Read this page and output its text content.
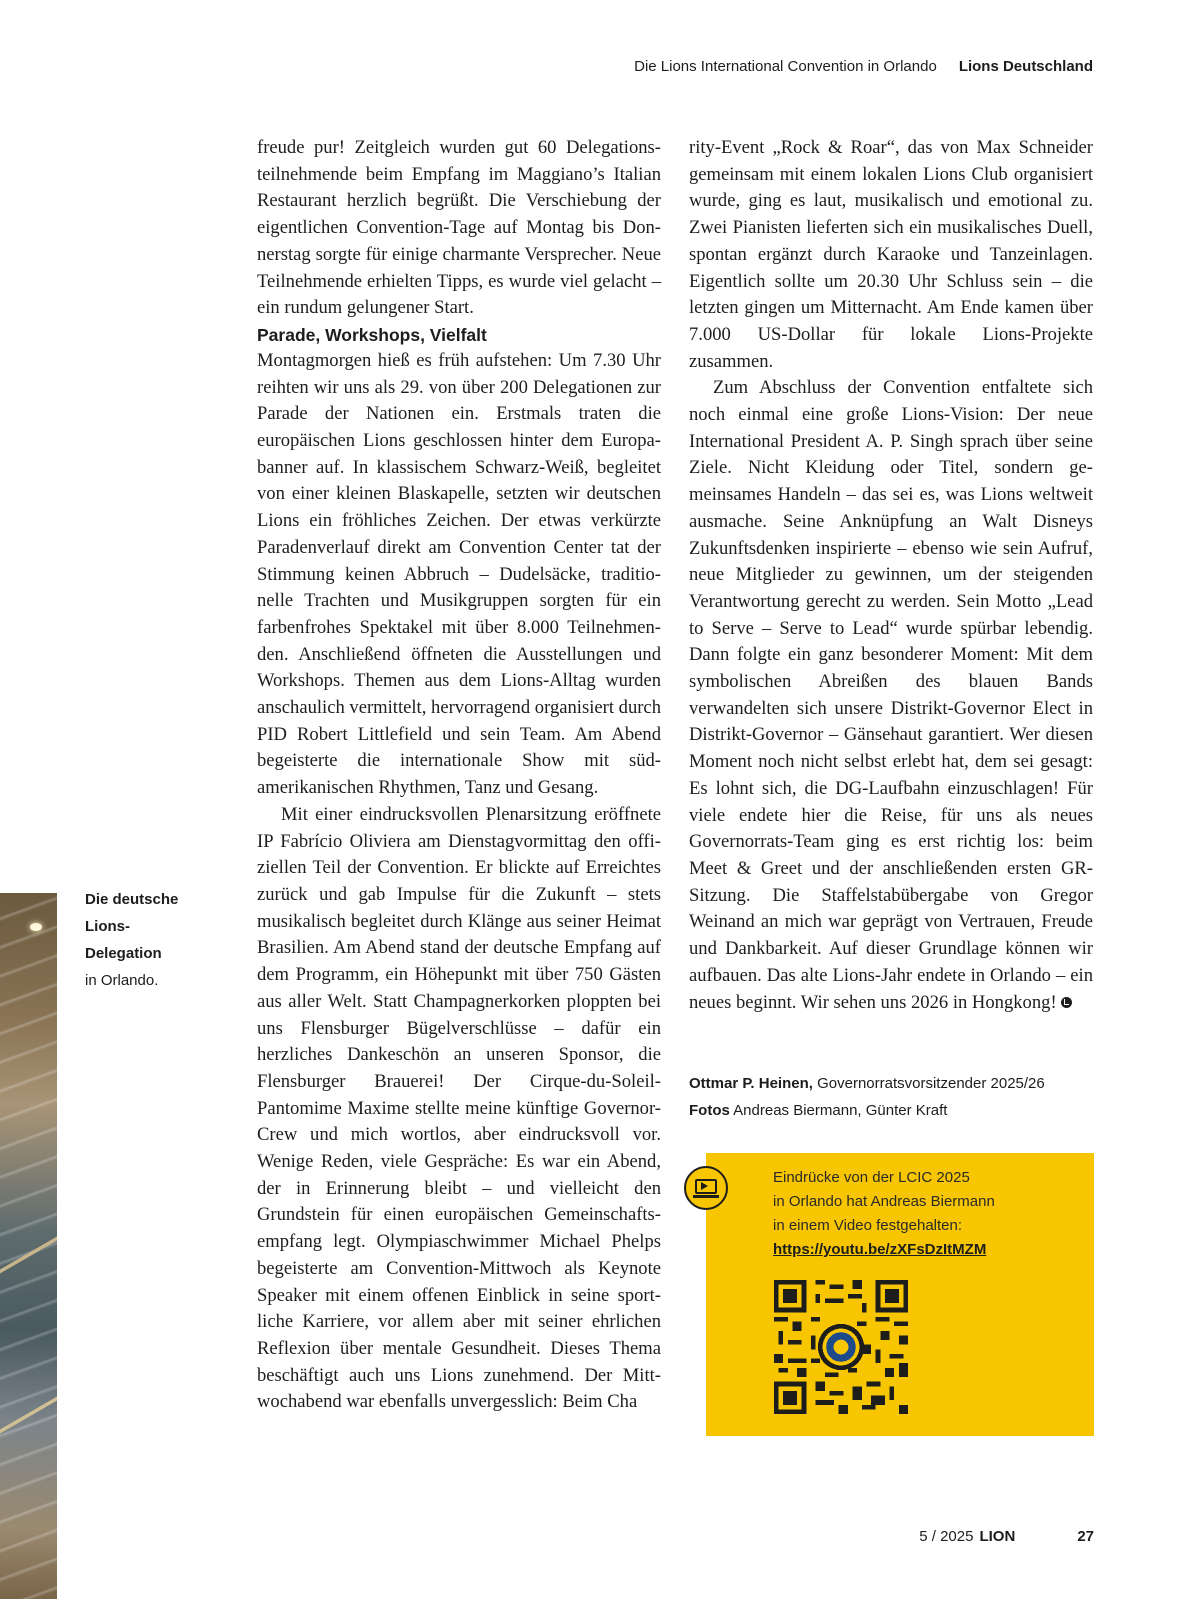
Die Lions International Convention in Orlando Lions Deutschland
Die deutsche
Lions-
Delegation
in Orlando.

freude pur! Zeitgleich wurden gut 60 Delegationsteilnehmende beim Empfang im Maggiano’s Italian Restaurant herzlich begrüßt. Die Verschiebung der eigentlichen Convention-Tage auf Montag bis Donnerstag sorgte für einige charmante Versprecher. Neue Teilnehmende erhielten Tipps, es wurde viel gelacht – ein rundum gelungener Start.

Parade, Workshops, Vielfalt

Montagmorgen hieß es früh aufstehen: Um 7.30 Uhr reihten wir uns als 29. von über 200 Delegationen zur Parade der Nationen ein. Erstmals traten die europäischen Lions geschlossen hinter dem Europabanner auf. In klassischem Schwarz-Weiß, begleitet von einer kleinen Blaskapelle, setzten wir deutschen Lions ein fröhliches Zeichen. Der etwas verkürzte Paradenverlauf direkt am Convention Center tat der Stimmung keinen Abbruch – Dudelsäcke, traditionelle Trachten und Musikgruppen sorgten für ein farbenfrohes Spektakel mit über 8.000 Teilnehmenden. Anschließend öffneten die Ausstellungen und Workshops. Themen aus dem Lions-Alltag wurden anschaulich vermittelt, hervorragend organisiert durch PID Robert Littlefield und sein Team. Am Abend begeisterte die internationale Show mit südamerikanischen Rhythmen, Tanz und Gesang.

Mit einer eindrucksvollen Plenarsitzung eröffnete IP Fabrício Oliviera am Dienstagvormittag den offiziellen Teil der Convention. Er blickte auf Erreichtes zurück und gab Impulse für die Zukunft – stets musikalisch begleitet durch Klänge aus seiner Heimat Brasilien. Am Abend stand der deutsche Empfang auf dem Programm, ein Höhepunkt mit über 750 Gästen aus aller Welt. Statt Champagnerkorken ploppten bei uns Flensburger Bügelverschlüsse – dafür ein herzliches Dankeschön an unseren Sponsor, die Flensburger Brauerei! Der Cirque-du-Soleil-Pantomime Maxime stellte meine künftige Governor-Crew und mich wortlos, aber eindrucksvoll vor. Wenige Reden, viele Gespräche: Es war ein Abend, der in Erinnerung bleibt – und vielleicht den Grundstein für einen europäischen Gemeinschaftsempfang legt. Olympiaschwimmer Michael Phelps begeisterte am Convention-Mittwoch als Keynote Speaker mit einem offenen Einblick in seine sportliche Karriere, vor allem aber mit seiner ehrlichen Reflexion über mentale Gesundheit. Dieses Thema beschäftigt auch uns Lions zunehmend. Der Mittwochabend war ebenfalls unvergesslich: Beim Cha

rity-Event „Rock & Roar“, das von Max Schneider gemeinsam mit einem lokalen Lions Club organisiert wurde, ging es laut, musikalisch und emotional zu. Zwei Pianisten lieferten sich ein musikalisches Duell, spontan ergänzt durch Karaoke und Tanzeinlagen. Eigentlich sollte um 20.30 Uhr Schluss sein – die letzten gingen um Mitternacht. Am Ende kamen über 7.000 US-Dollar für lokale Lions-Projekte zusammen.

Zum Abschluss der Convention entfaltete sich noch einmal eine große Lions-Vision: Der neue International President A. P. Singh sprach über seine Ziele. Nicht Kleidung oder Titel, sondern gemeinsames Handeln – das sei es, was Lions weltweit ausmache. Seine Anknüpfung an Walt Disneys Zukunftsdenken inspirierte – ebenso wie sein Aufruf, neue Mitglieder zu gewinnen, um der steigenden Verantwortung gerecht zu werden. Sein Motto „Lead to Serve – Serve to Lead“ wurde spürbar lebendig. Dann folgte ein ganz besonderer Moment: Mit dem symbolischen Abreißen des blauen Bands verwandelten sich unsere Distrikt-Governor Elect in Distrikt-Governor – Gänsehaut garantiert. Wer diesen Moment noch nicht selbst erlebt hat, dem sei gesagt: Es lohnt sich, die DG-Laufbahn einzuschlagen! Für viele endete hier die Reise, für uns als neues Governorrats-Team ging es erst richtig los: beim Meet & Greet und der anschließenden ersten GR-Sitzung. Die Staffelstabübergabe von Gregor Weinand an mich war geprägt von Vertrauen, Freude und Dankbarkeit. Auf dieser Grundlage können wir aufbauen. Das alte Lions-Jahr endete in Orlando – ein neues beginnt. Wir sehen uns 2026 in Hongkong!

Ottmar P. Heinen, Governorratsvorsitzender 2025/26
Fotos Andreas Biermann, Günter Kraft
Eindrücke von der LCIC 2025
in Orlando hat Andreas Biermann
in einem Video festgehalten:
https://youtu.be/zXFsDzItMZM
5 / 2025 LION	27
